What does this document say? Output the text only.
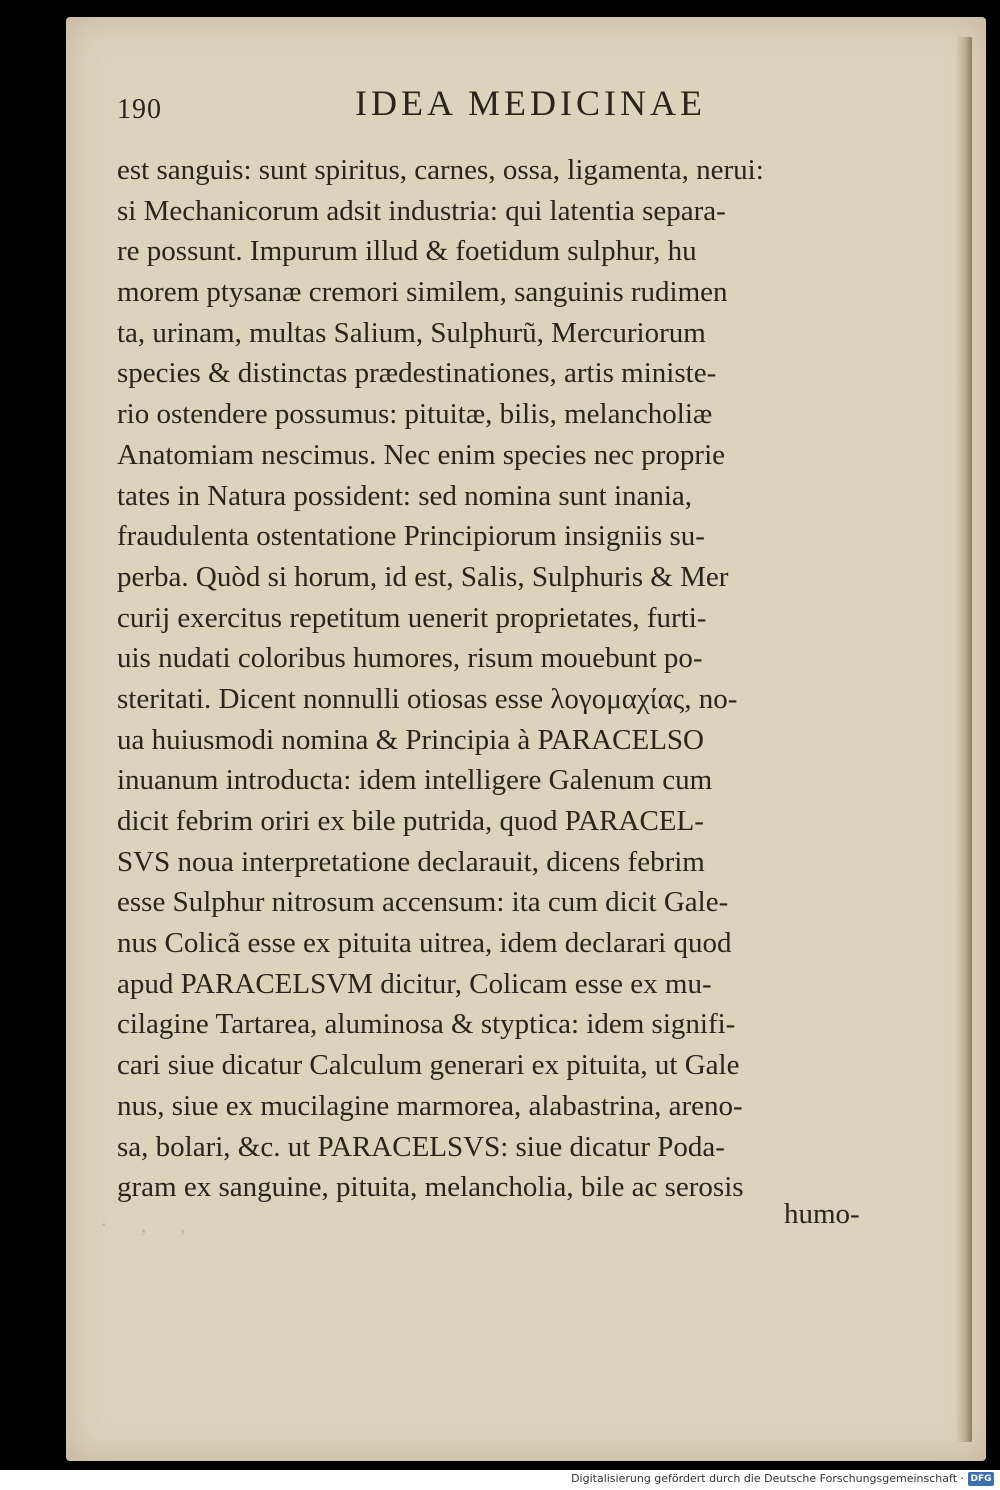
190	IDEA MEDICINAE
est sanguis: sunt spiritus, carnes, ossa, ligamenta, nerui:
si Mechanicorum adsit industria: qui latentia separa-
re possunt. Impurum illud & foetidum sulphur, hu
morem ptysanæ cremori similem, sanguinis rudimen
ta, urinam, multas Salium, Sulphurũ, Mercuriorum
species & distinctas prædestinationes, artis ministe-
rio ostendere possumus: pituitæ, bilis, melancholiæ
Anatomiam nescimus. Nec enim species nec proprie
tates in Natura possident: sed nomina sunt inania,
fraudulenta ostentatione Principiorum insigniis su-
perba. Quòd si horum, id est, Salis, Sulphuris & Mer
curij exercitus repetitum uenerit proprietates, furti-
uis nudati coloribus humores, risum mouebunt po-
steritati. Dicent nonnulli otiosas esse λογομαχίας, no-
ua huiusmodi nomina & Principia à PARACELSO
inuanum introducta: idem intelligere Galenum cum
dicit febrim oriri ex bile putrida, quod PARACEL-
SVS noua interpretatione declarauit, dicens febrim
esse Sulphur nitrosum accensum: ita cum dicit Gale-
nus Colicã esse ex pituita uitrea, idem declarari quod
apud PARACELSVM dicitur, Colicam esse ex mu-
cilagine Tartarea, aluminosa & styptica: idem signifi-
cari siue dicatur Calculum generari ex pituita, ut Gale
nus, siue ex mucilagine marmorea, alabastrina, areno-
sa, bolari, &c. ut PARACELSVS: siue dicatur Poda-
gram ex sanguine, pituita, melancholia, bile ac serosis
· , ,	humo-
Digitalisierung gefördert durch die Deutsche Forschungsgemeinschaft · DFG
